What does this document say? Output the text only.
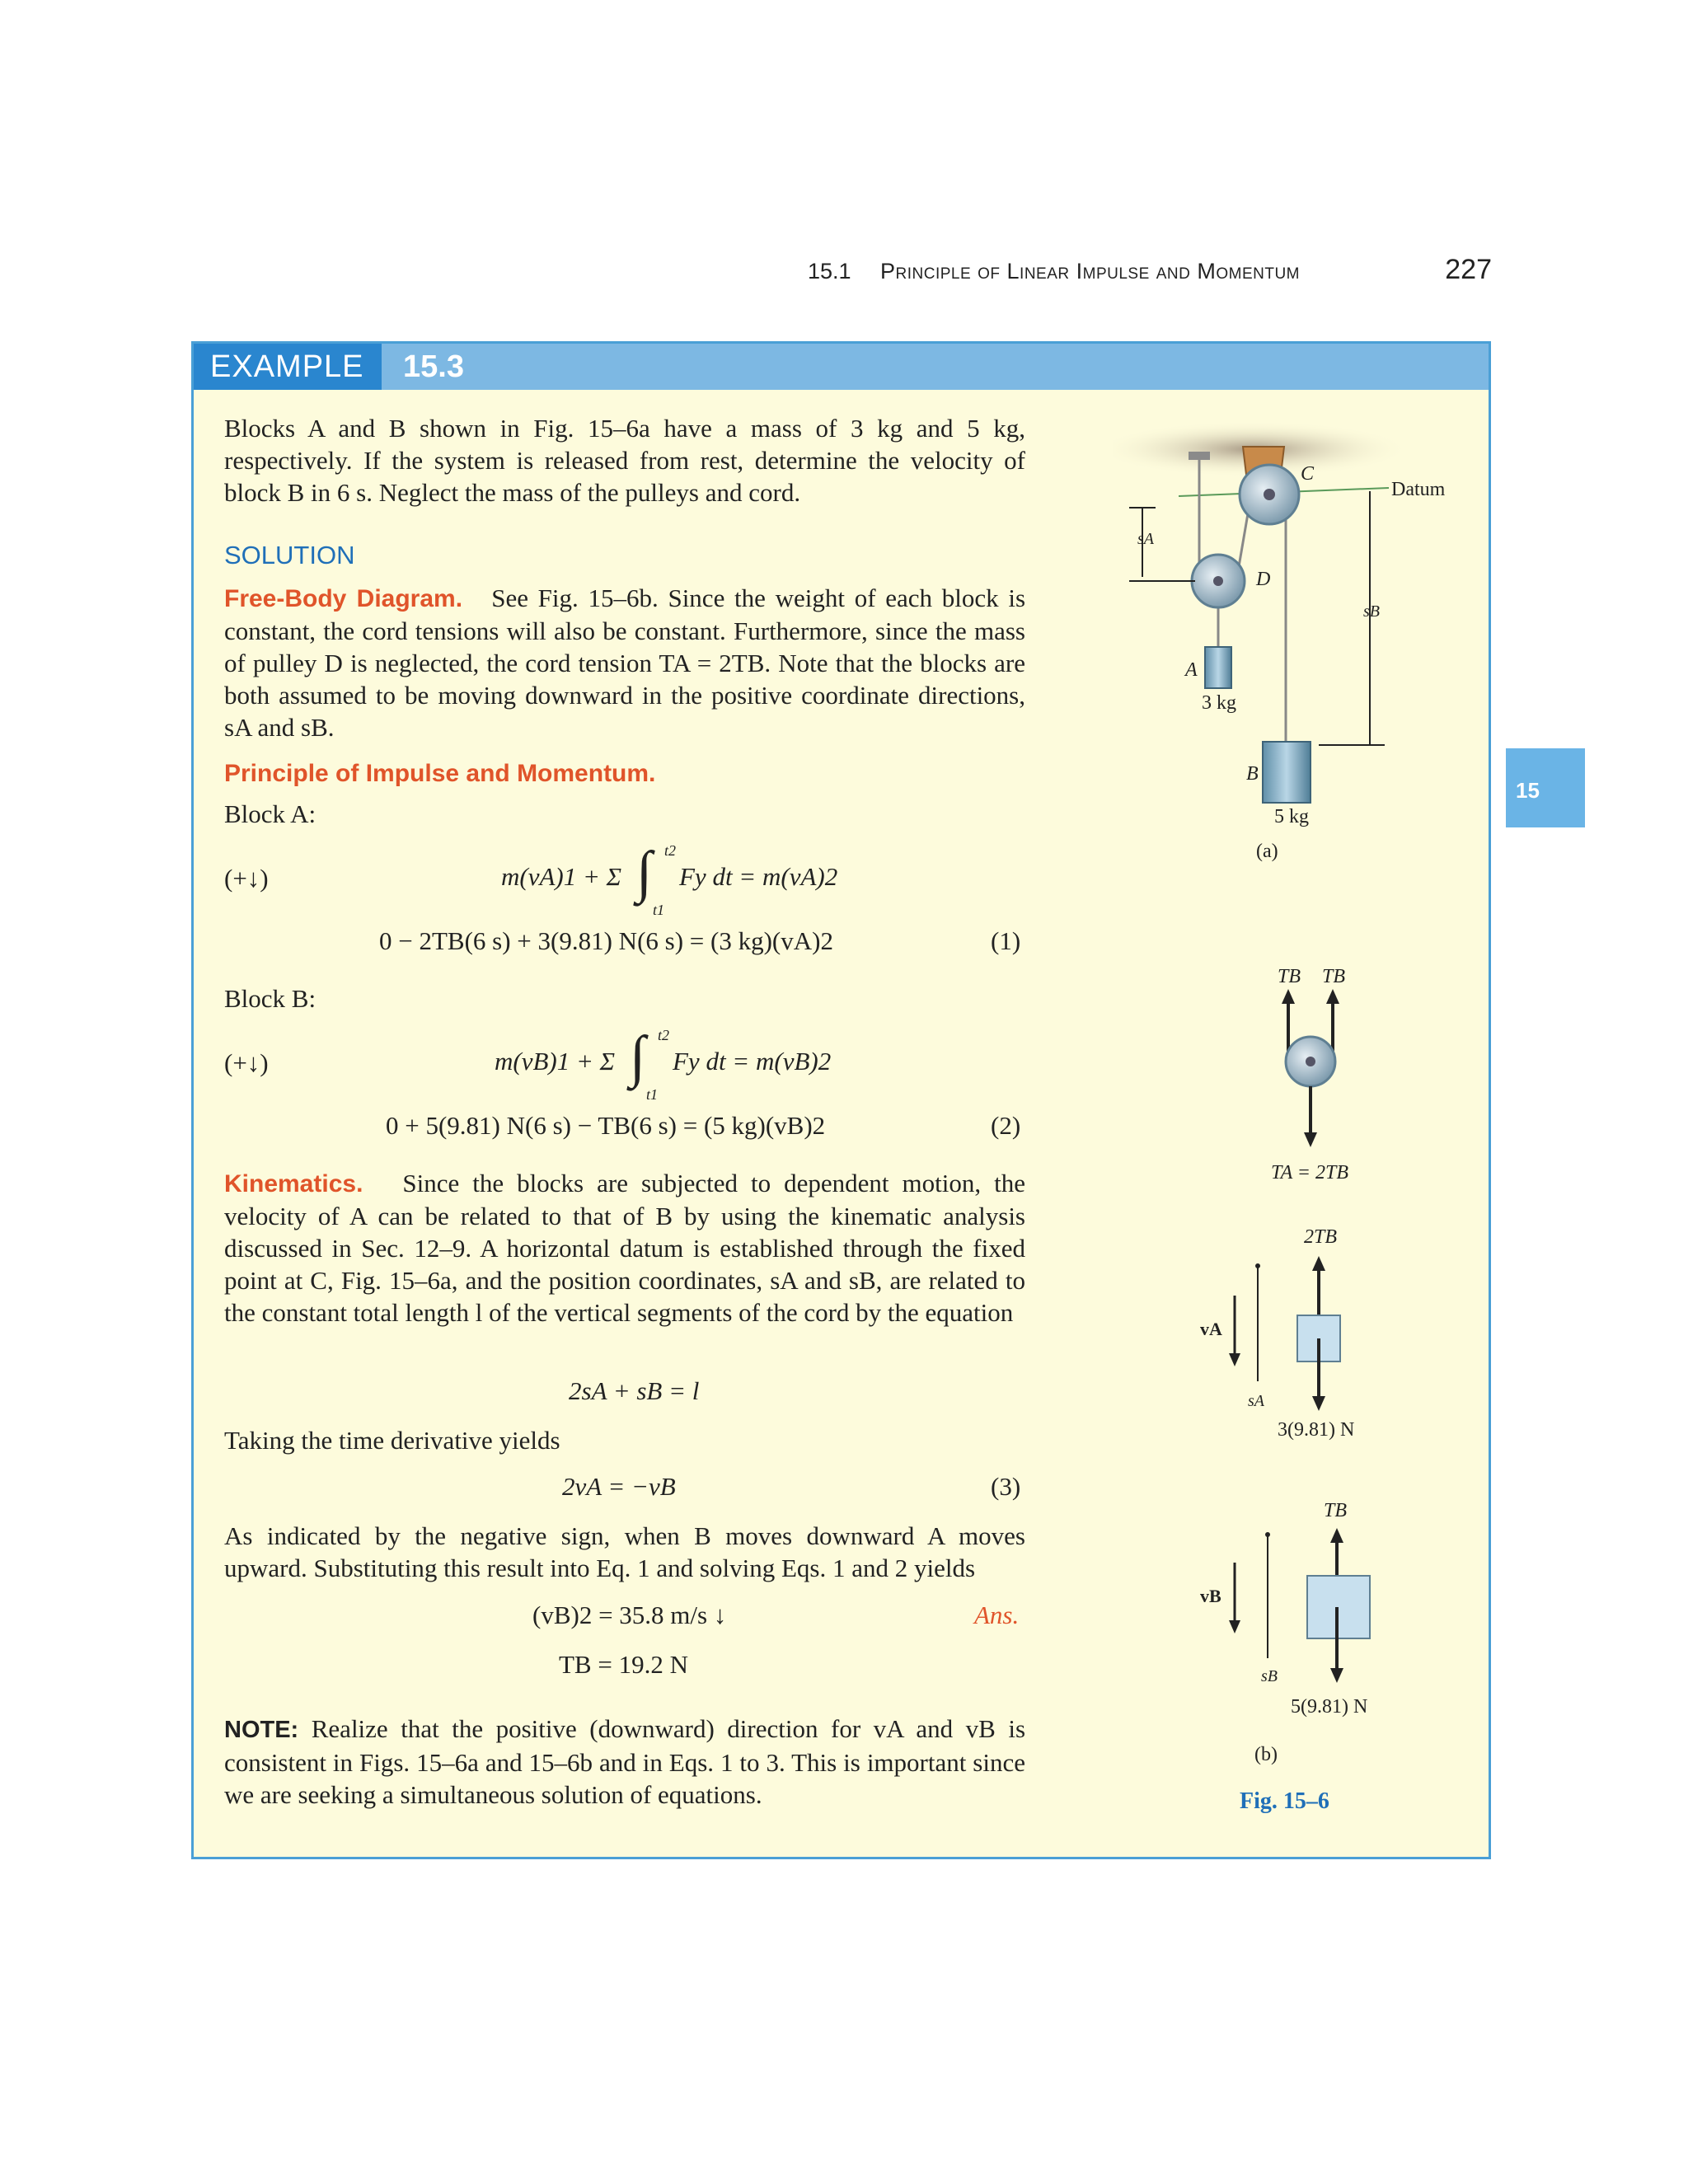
15.1 Principle of Linear Impulse and Momentum	227
15
EXAMPLE	15.3
Blocks A and B shown in Fig. 15–6a have a mass of 3 kg and 5 kg, respectively. If the system is released from rest, determine the velocity of block B in 6 s. Neglect the mass of the pulleys and cord.
SOLUTION
Free-Body Diagram. See Fig. 15–6b. Since the weight of each block is constant, the cord tensions will also be constant. Furthermore, since the mass of pulley D is neglected, the cord tension TA = 2TB. Note that the blocks are both assumed to be moving downward in the positive coordinate directions, sA and sB.
Principle of Impulse and Momentum.
Block A:
(+↓)	m(vA)1 + Σ ∫ t2
t1
Fy dt = m(vA)2
0 − 2TB(6 s) + 3(9.81) N(6 s) = (3 kg)(vA)2	(1)
Block B:
(+↓)	m(vB)1 + Σ ∫ t2
t1
Fy dt = m(vB)2
0 + 5(9.81) N(6 s) − TB(6 s) = (5 kg)(vB)2	(2)
Kinematics. Since the blocks are subjected to dependent motion, the velocity of A can be related to that of B by using the kinematic analysis discussed in Sec. 12–9. A horizontal datum is established through the fixed point at C, Fig. 15–6a, and the position coordinates, sA and sB, are related to the constant total length l of the vertical segments of the cord by the equation
2sA + sB = l
Taking the time derivative yields
2vA = −vB	(3)
As indicated by the negative sign, when B moves downward A moves upward. Substituting this result into Eq. 1 and solving Eqs. 1 and 2 yields
(vB)2 = 35.8 m/s ↓	Ans.
TB = 19.2 N
NOTE: Realize that the positive (downward) direction for vA and vB is consistent in Figs. 15–6a and 15–6b and in Eqs. 1 to 3. This is important since we are seeking a simultaneous solution of equations.
Datum
C
D
sA
sB
A
3 kg
B
5 kg
(a)
TB TB
TA = 2TB
2TB
3(9.81) N
vA
sA
TB
5(9.81) N
vB
sB
(b)
Fig. 15–6
